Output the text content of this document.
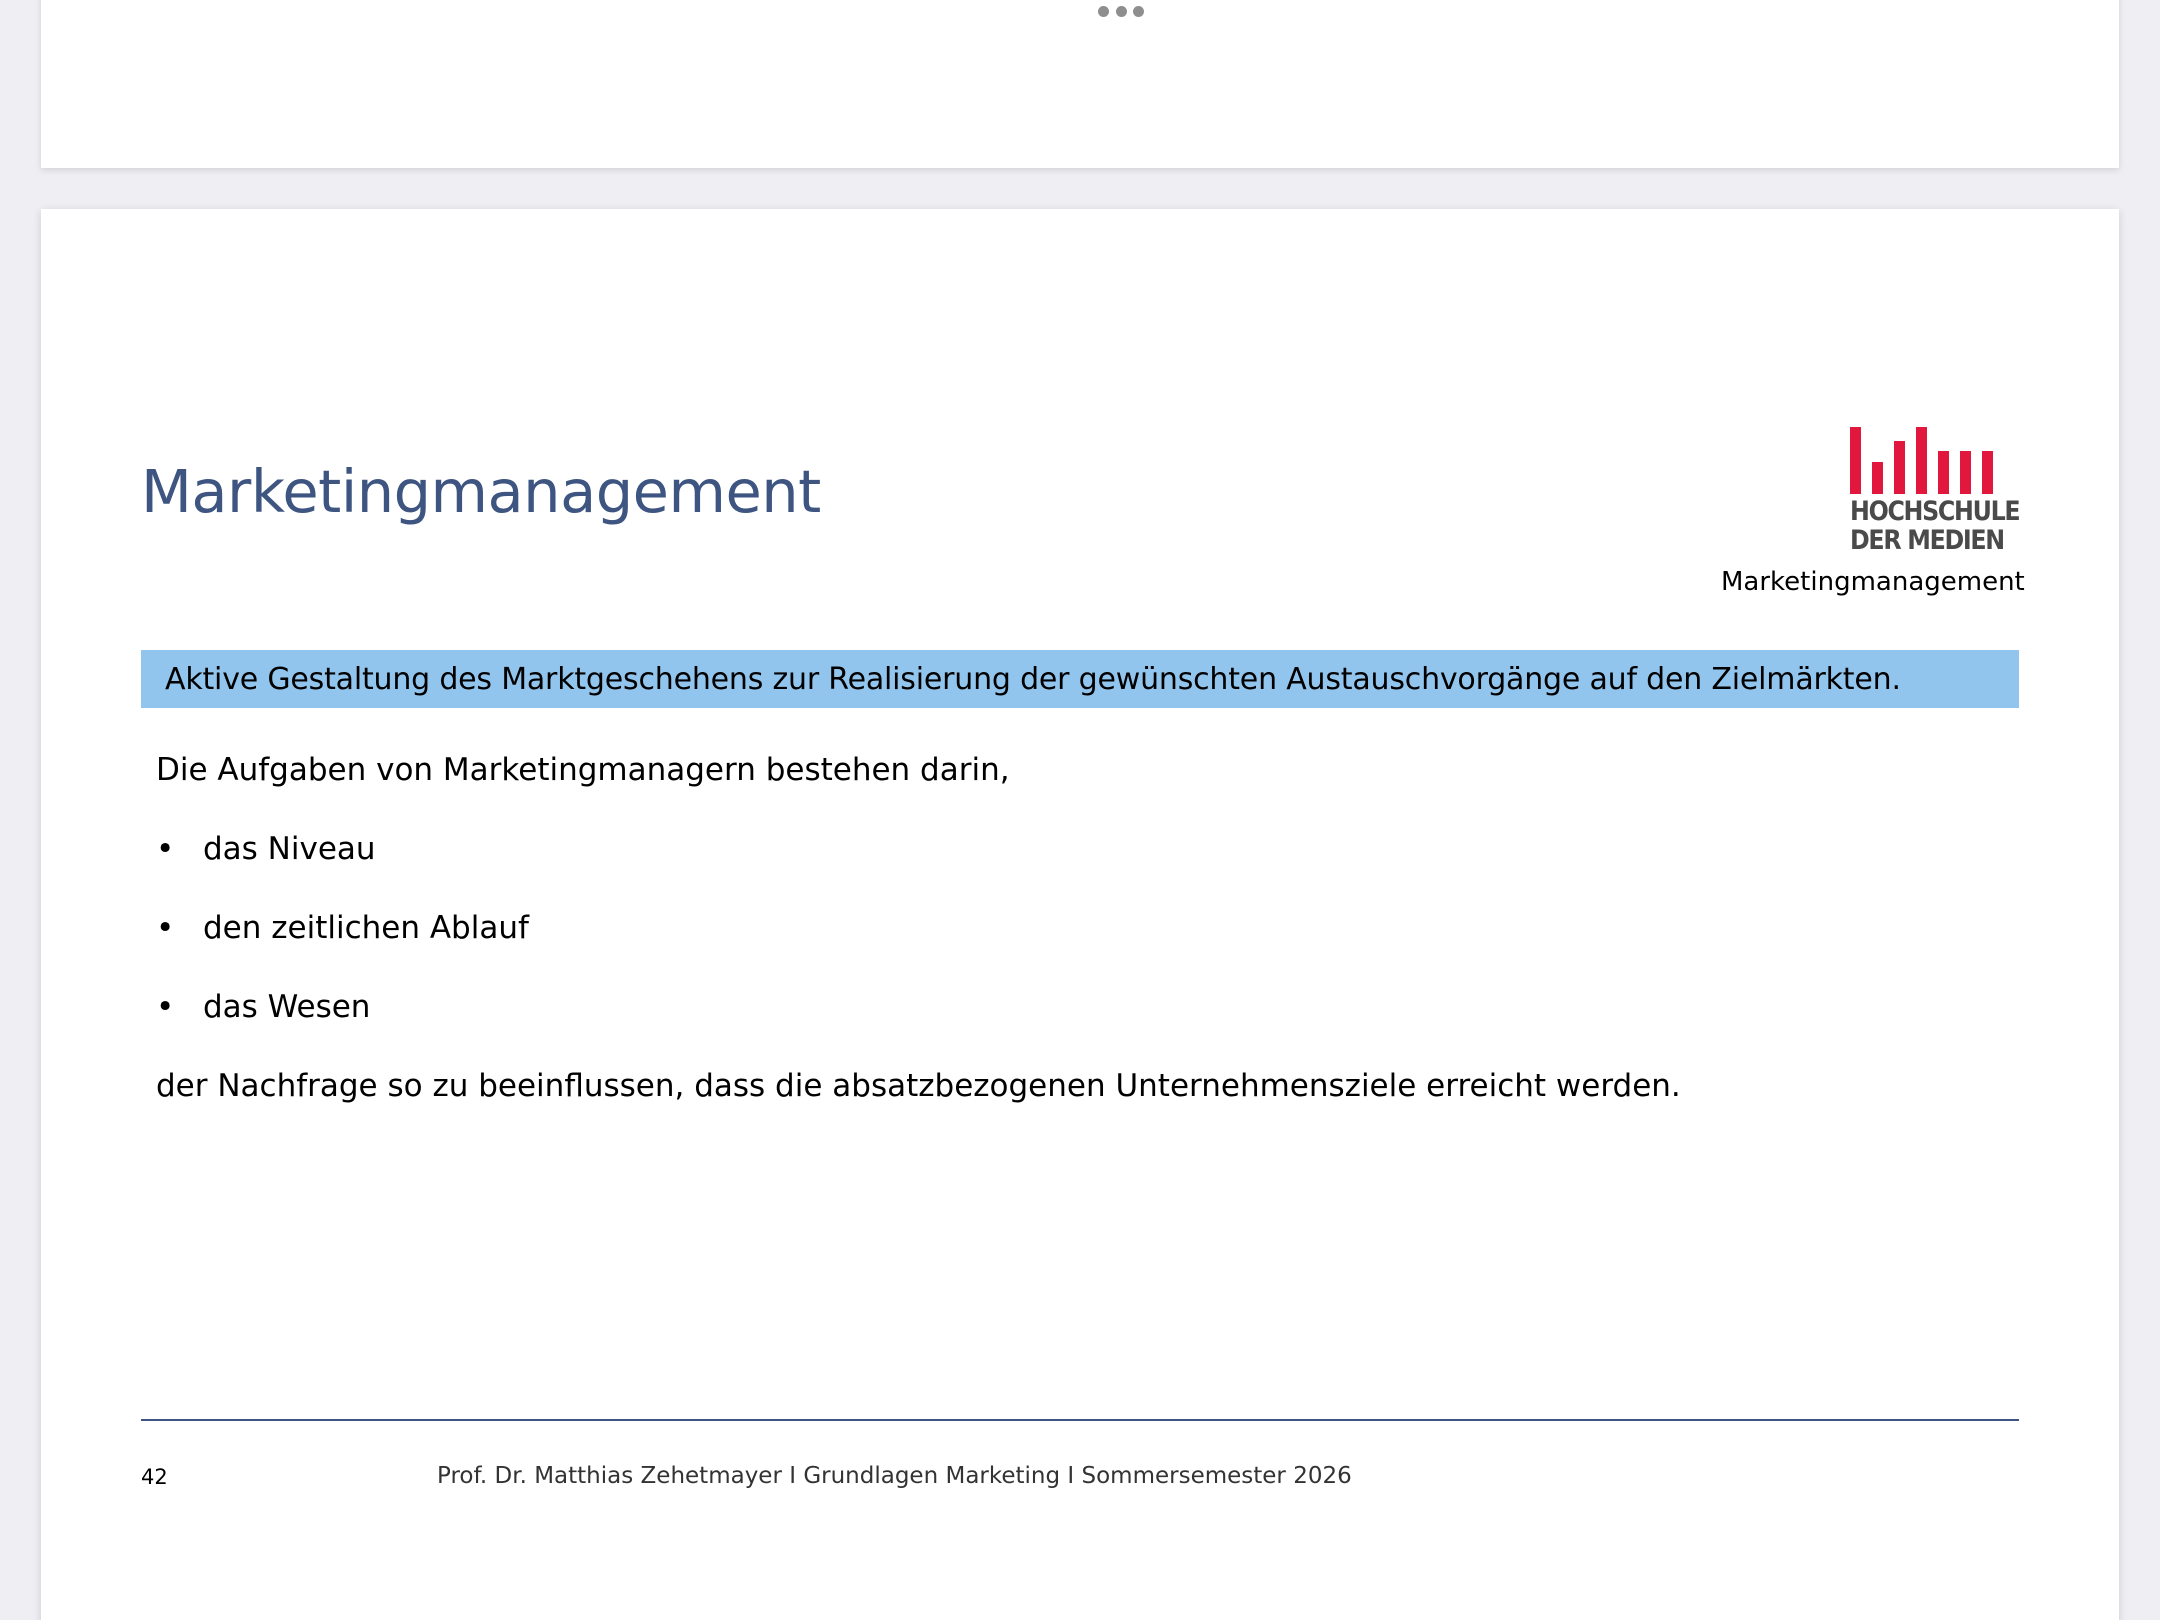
Marketingmanagement	HOCHSCHULE
DER MEDIEN
Marketingmanagement
Aktive Gestaltung des Marktgeschehens zur Realisierung der gewünschten Austauschvorgänge auf den Zielmärkten.
Die Aufgaben von Marketingmanagern bestehen darin,
• das Niveau
• den zeitlichen Ablauf
• das Wesen
der Nachfrage so zu beeinflussen, dass die absatzbezogenen Unternehmensziele erreicht werden.
42	Prof. Dr. Matthias Zehetmayer I Grundlagen Marketing I Sommersemester 2026
